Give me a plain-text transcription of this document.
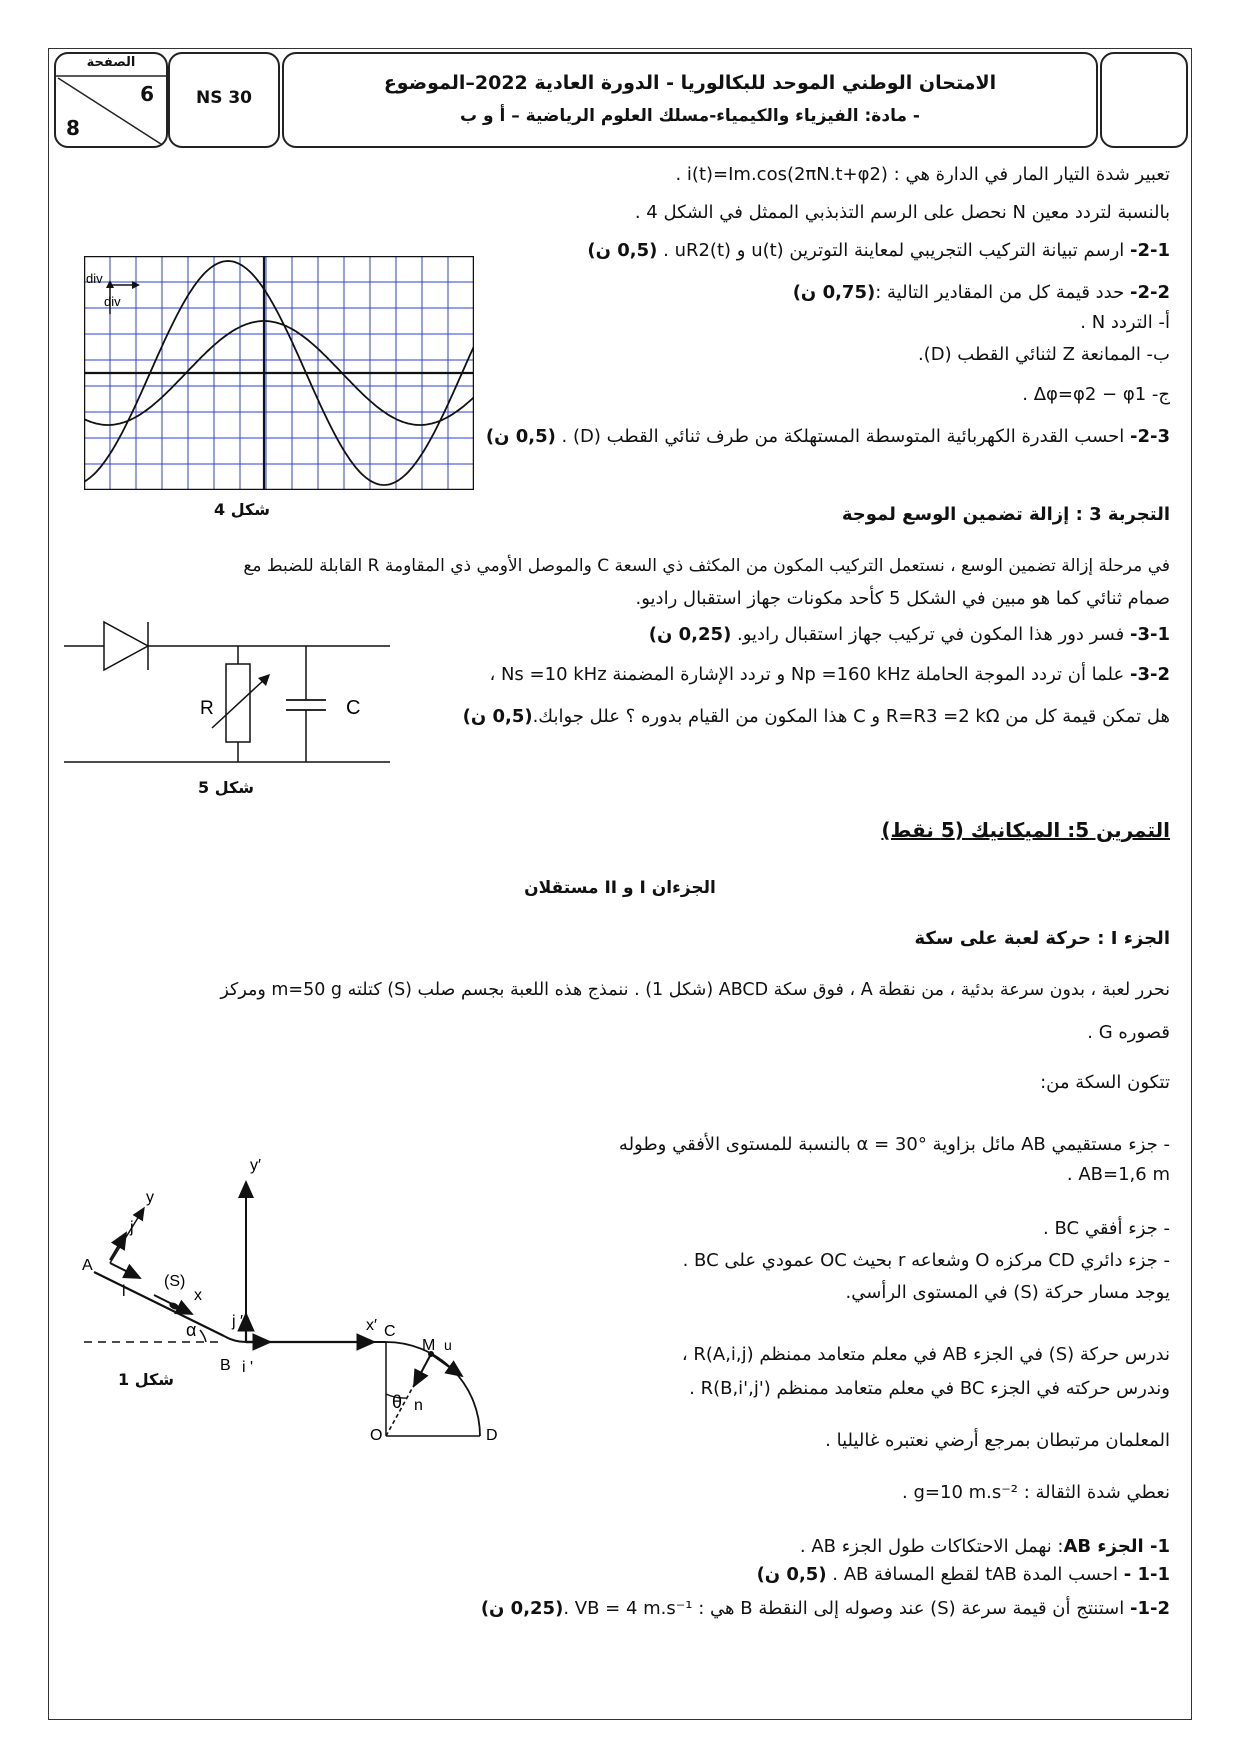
الصفحة
6
8
NS 30
الامتحان الوطني الموحد للبكالوريا - الدورة العادية 2022–الموضوع
- مادة: الفيزياء والكيمياء-مسلك العلوم الرياضية – أ و ب
تعبير شدة التيار المار في الدارة هي : i(t)=Im.cos(2πN.t+φ2) .
بالنسبة لتردد معين N نحصل على الرسم التذبذبي الممثل في الشكل 4 .
2-1- ارسم تبيانة التركيب التجريبي لمعاينة التوترين u(t) و uR2(t) . (0,5 ن)
2-2- حدد قيمة كل من المقادير التالية :(0,75 ن)
أ- التردد N .
ب- الممانعة Z لثنائي القطب (D).
ج- Δφ=φ2 − φ1 .
2-3- احسب القدرة الكهربائية المتوسطة المستهلكة من طرف ثنائي القطب (D) . (0,5 ن)
div
div
شكل 4	التجربة 3 : إزالة تضمين الوسع لموجة
في مرحلة إزالة تضمين الوسع ، نستعمل التركيب المكون من المكثف ذي السعة C والموصل الأومي ذي المقاومة R القابلة للضبط مع
صمام ثنائي كما هو مبين في الشكل 5 كأحد مكونات جهاز استقبال راديو.
3-1- فسر دور هذا المكون في تركيب جهاز استقبال راديو. (0,25 ن)
3-2- علما أن تردد الموجة الحاملة Np =160 kHz و تردد الإشارة المضمنة Ns =10 kHz ،
هل تمكن قيمة كل من R=R3 =2 kΩ و C هذا المكون من القيام بدوره ؟ علل جوابك.(0,5 ن)
R	C
شكل 5
التمرين 5: الميكانيك (5 نقط)
الجزءان I و II مستقلان
الجزء I : حركة لعبة على سكة
نحرر لعبة ، بدون سرعة بدئية ، من نقطة A ، فوق سكة ABCD (شكل 1) . ننمذج هذه اللعبة بجسم صلب (S) كتلته m=50 g ومركز
قصوره G .
تتكون السكة من:
- جزء مستقيمي AB مائل بزاوية α = 30° بالنسبة للمستوى الأفقي وطوله
AB=1,6 m .
- جزء أفقي BC .
- جزء دائري CD مركزه O وشعاعه r بحيث OC عمودي على BC .
يوجد مسار حركة (S) في المستوى الرأسي.
ندرس حركة (S) في الجزء AB في معلم متعامد ممنظم R(A,i,j) ،
وندرس حركته في الجزء BC في معلم متعامد ممنظم R(B,i',j') .
المعلمان مرتبطان بمرجع أرضي نعتبره غاليليا .
نعطي شدة الثقالة : g=10 m.s⁻² .
1- الجزء AB: نهمل الاحتكاكات طول الجزء AB .
1-1 - احسب المدة tAB لقطع المسافة AB . (0,5 ن)
1-2- استنتج أن قيمة سرعة (S) عند وصوله إلى النقطة B هي : VB = 4 m.s⁻¹ .(0,25 ن)
y
A
j
i
(S)
x
α
y′
j ′
i '
B
x′ C
M u
n
θ
O	D
شكل 1
